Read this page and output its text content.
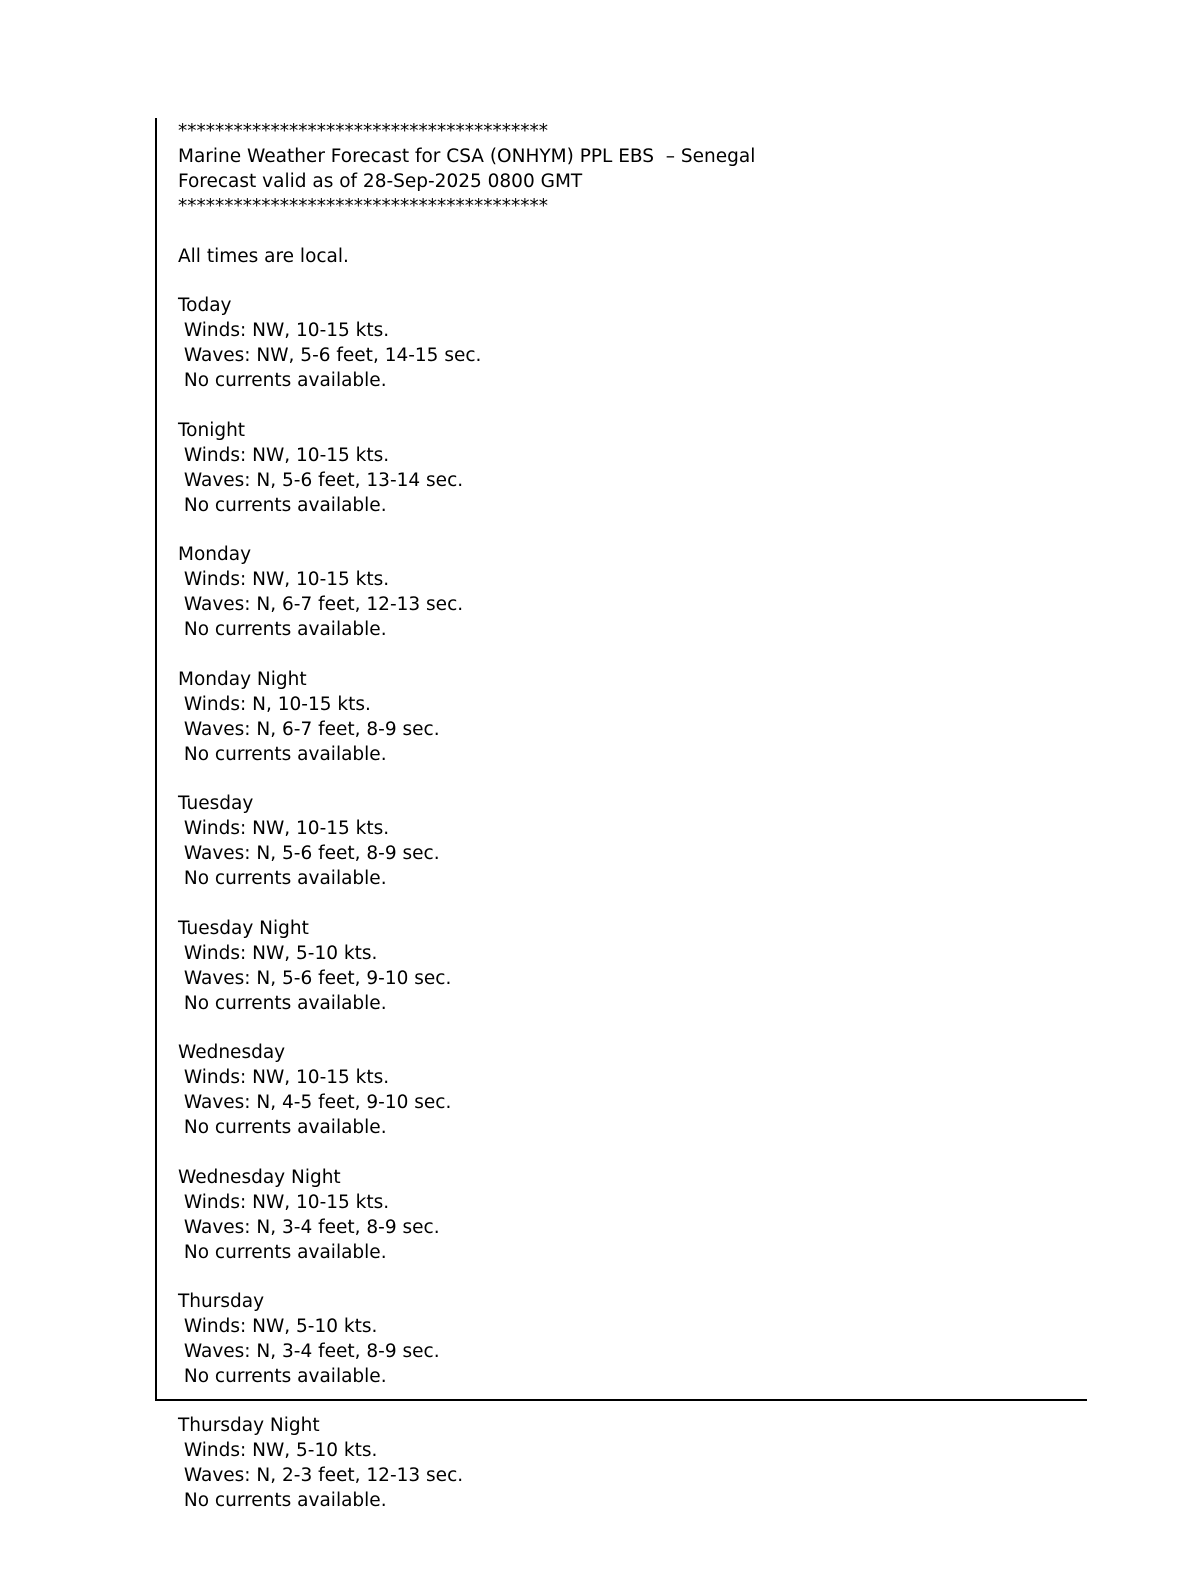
****************************************
Marine Weather Forecast for CSA (ONHYM) PPL EBS  – Senegal
Forecast valid as of 28-Sep-2025 0800 GMT
****************************************
All times are local.
Today
Winds: NW, 10-15 kts.
Waves: NW, 5-6 feet, 14-15 sec.
No currents available.
Tonight
Winds: NW, 10-15 kts.
Waves: N, 5-6 feet, 13-14 sec.
No currents available.
Monday
Winds: NW, 10-15 kts.
Waves: N, 6-7 feet, 12-13 sec.
No currents available.
Monday Night
Winds: N, 10-15 kts.
Waves: N, 6-7 feet, 8-9 sec.
No currents available.
Tuesday
Winds: NW, 10-15 kts.
Waves: N, 5-6 feet, 8-9 sec.
No currents available.
Tuesday Night
Winds: NW, 5-10 kts.
Waves: N, 5-6 feet, 9-10 sec.
No currents available.
Wednesday
Winds: NW, 10-15 kts.
Waves: N, 4-5 feet, 9-10 sec.
No currents available.
Wednesday Night
Winds: NW, 10-15 kts.
Waves: N, 3-4 feet, 8-9 sec.
No currents available.
Thursday
Winds: NW, 5-10 kts.
Waves: N, 3-4 feet, 8-9 sec.
No currents available.
Thursday Night
Winds: NW, 5-10 kts.
Waves: N, 2-3 feet, 12-13 sec.
No currents available.
